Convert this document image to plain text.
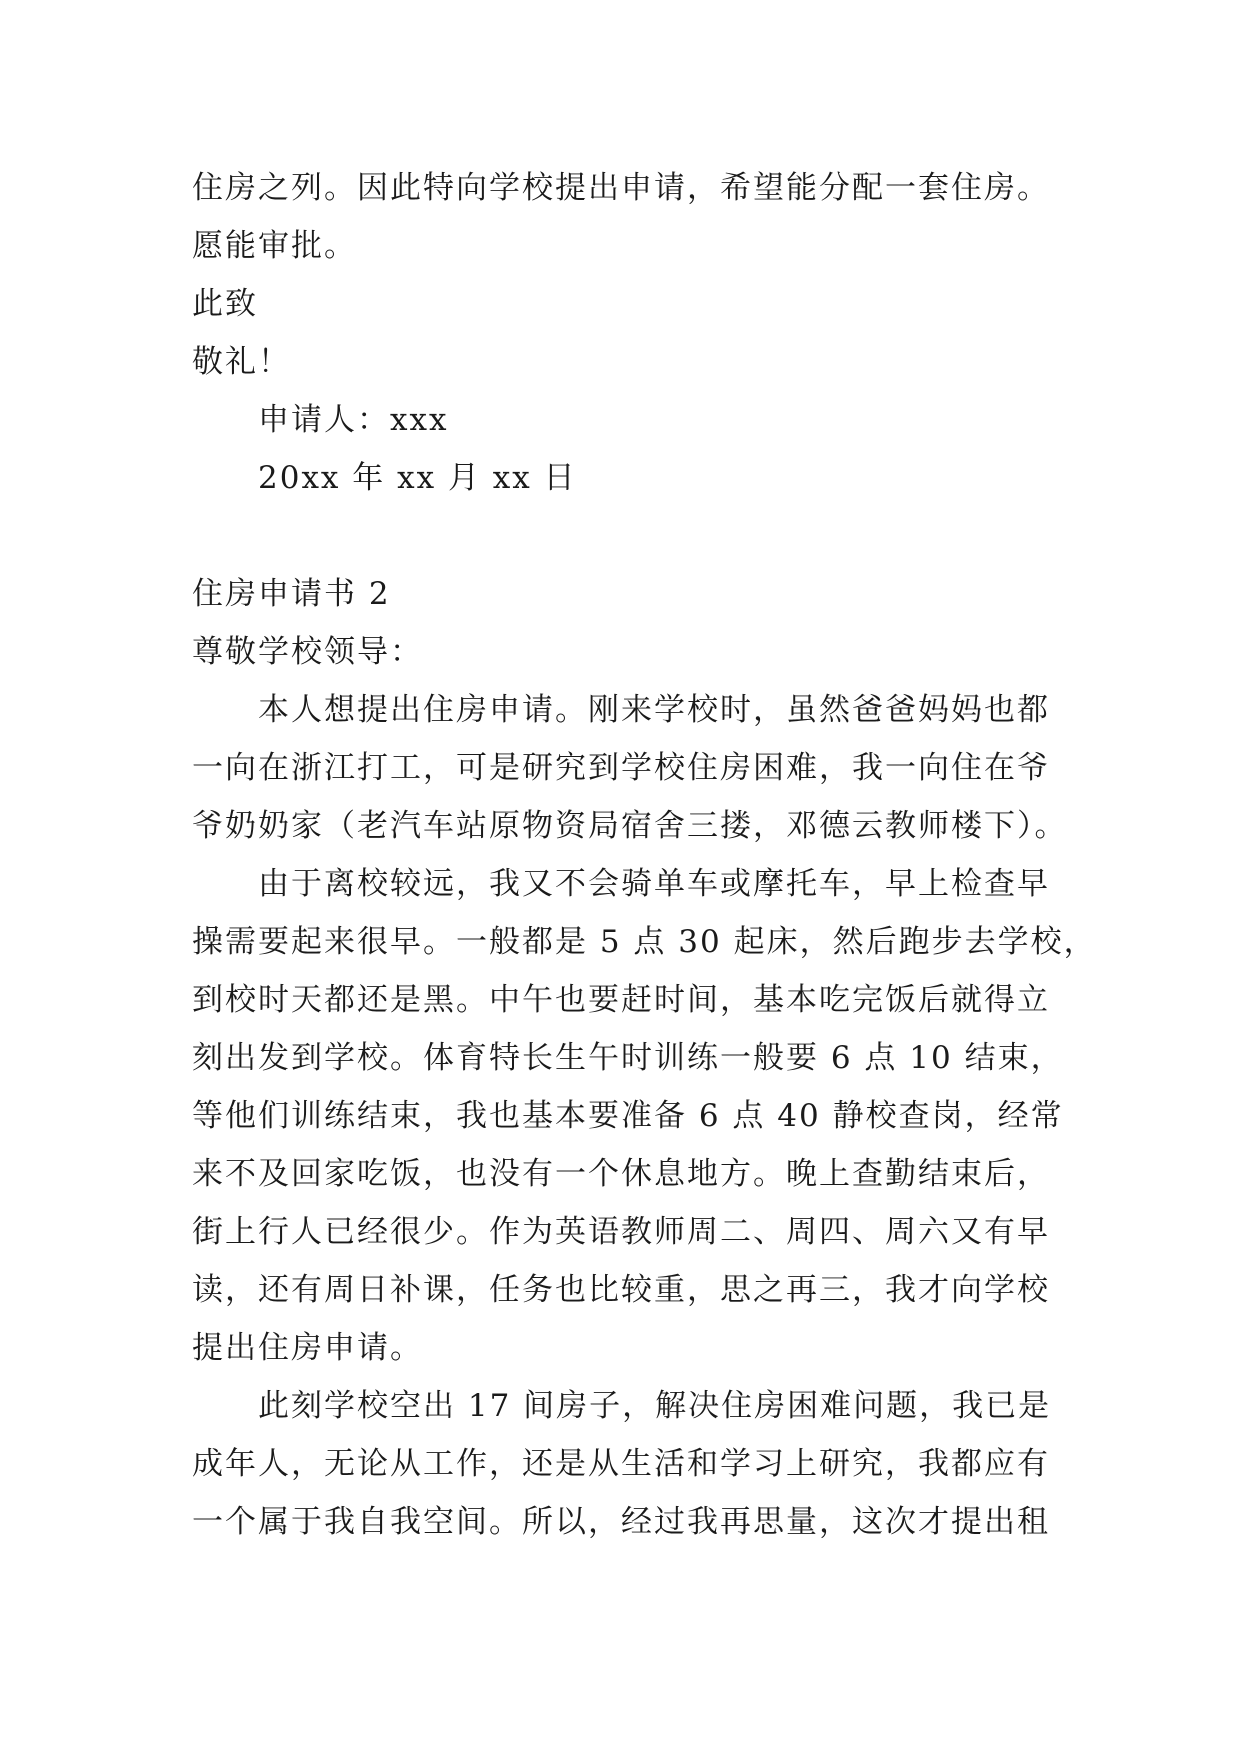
住房之列。因此特向学校提出申请，希望能分配一套住房。
愿能审批。
此致
敬礼！
申请人：xxx
20xx 年 xx 月 xx 日
住房申请书 2
尊敬学校领导：
本人想提出住房申请。刚来学校时，虽然爸爸妈妈也都
一向在浙江打工，可是研究到学校住房困难，我一向住在爷
爷奶奶家（老汽车站原物资局宿舍三搂，邓德云教师楼下）。
由于离校较远，我又不会骑单车或摩托车，早上检查早
操需要起来很早。一般都是 5 点 30 起床，然后跑步去学校，
到校时天都还是黑。中午也要赶时间，基本吃完饭后就得立
刻出发到学校。体育特长生午时训练一般要 6 点 10 结束，
等他们训练结束，我也基本要准备 6 点 40 静校查岗，经常
来不及回家吃饭，也没有一个休息地方。晚上查勤结束后，
街上行人已经很少。作为英语教师周二、周四、周六又有早
读，还有周日补课，任务也比较重，思之再三，我才向学校
提出住房申请。
此刻学校空出 17 间房子，解决住房困难问题，我已是
成年人，无论从工作，还是从生活和学习上研究，我都应有
一个属于我自我空间。所以，经过我再思量，这次才提出租
